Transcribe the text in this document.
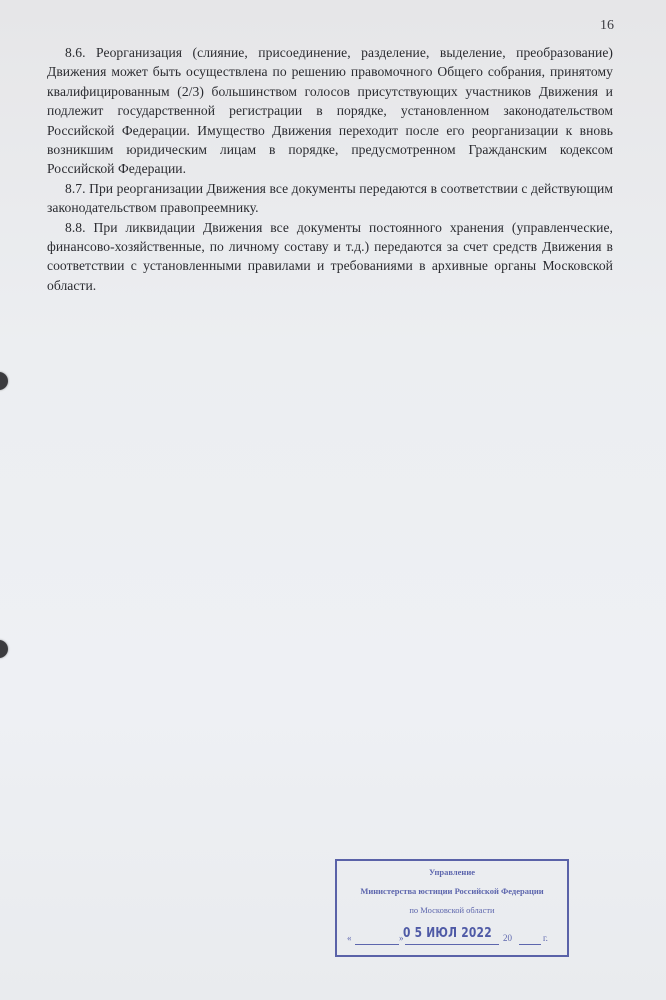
16

8.6. Реорганизация (слияние, присоединение, разделение, выделение, преобразование) Движения может быть осуществлена по решению правомочного Общего собрания, принятому квалифицированным (2/3) большинством голосов присутствующих участников Движения и подлежит государственной регистрации в порядке, установленном законодательством Российской Федерации. Имущество Движения переходит после его реорганизации к вновь возникшим юридическим лицам в порядке, предусмотренном Гражданским кодексом Российской Федерации.

8.7. При реорганизации Движения все документы передаются в соответствии с действующим законодательством правопреемнику.

8.8. При ликвидации Движения все документы постоянного хранения (управленческие, финансово-хозяйственные, по личному составу и т.д.) передаются за счет средств Движения в соответствии с установленными правилами и требованиями в архивные органы Московской области.

Управление
Министерства юстиции Российской Федерации
по Московской области
«	» 0 5 ИЮЛ 2022 20	г.
